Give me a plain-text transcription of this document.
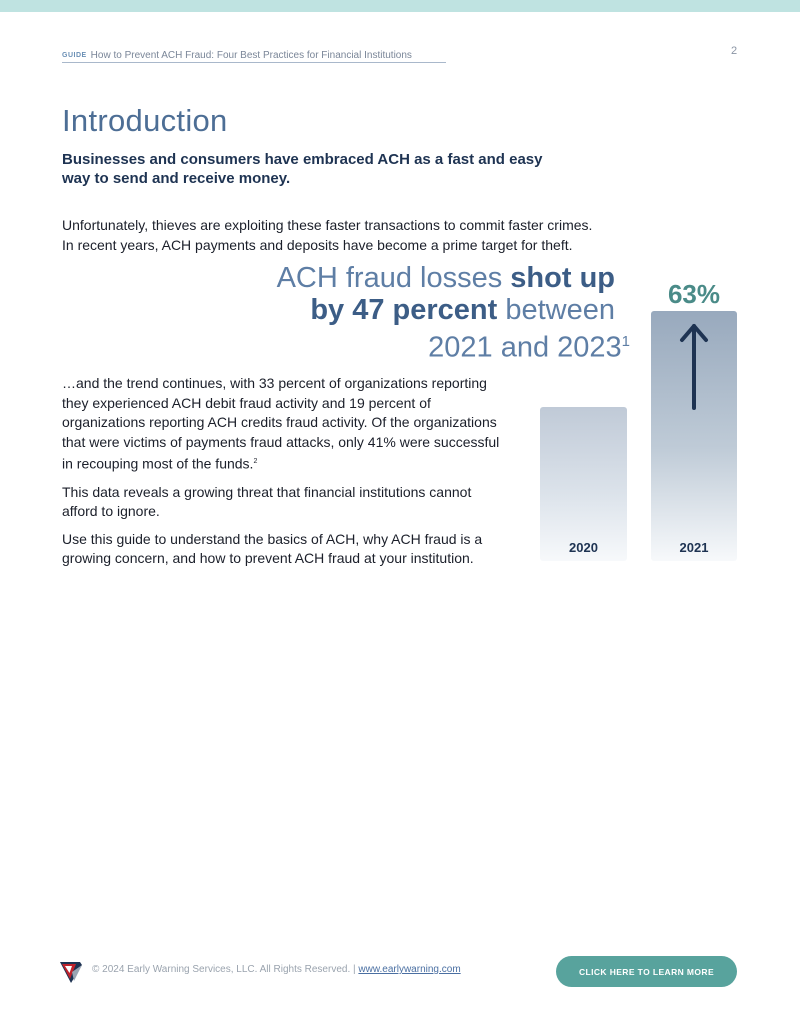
GUIDE How to Prevent ACH Fraud: Four Best Practices for Financial Institutions	2
Introduction
Businesses and consumers have embraced ACH as a fast and easy
way to send and receive money.
Unfortunately, thieves are exploiting these faster transactions to commit faster crimes.
In recent years, ACH payments and deposits have become a prime target for theft.
ACH fraud losses shot up
by 47 percent between
2021 and 2023$^1$

…and the trend continues, with 33 percent of organizations reporting they experienced ACH debit fraud activity and 19 percent of organizations reporting ACH credits fraud activity. Of the organizations that were victims of payments fraud attacks, only 41% were successful in recouping most of the funds.$^2$

This data reveals a growing threat that financial institutions cannot afford to ignore.

Use this guide to understand the basics of ACH, why ACH fraud is a growing concern, and how to prevent ACH fraud at your institution.

2020	2021
63%
© 2024 Early Warning Services, LLC. All Rights Reserved. | www.earlywarning.com	CLICK HERE TO LEARN MORE
